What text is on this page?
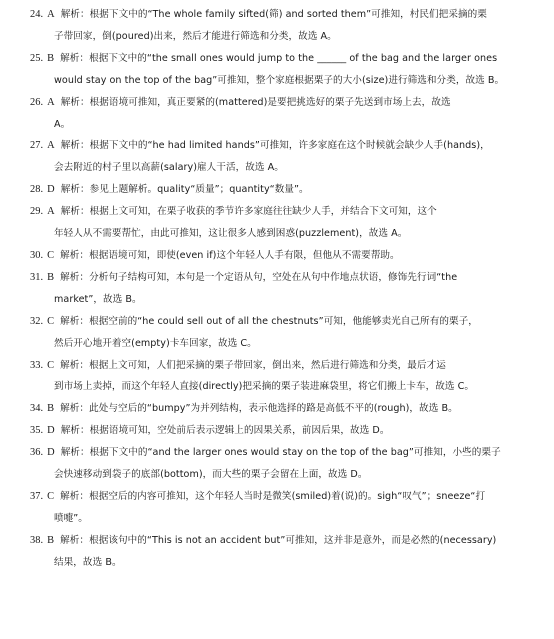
24. A 解析：根据下文中的“The whole family sifted(筛) and sorted them”可推知，村民们把采摘的栗
子带回家，倒(poured)出来，然后才能进行筛选和分类，故选 A。
25. B 解析：根据下文中的“the small ones would jump to the ______ of the bag and the larger ones
would stay on the top of the bag”可推知，整个家庭根据栗子的大小(size)进行筛选和分类，故选 B。
26. A 解析：根据语境可推知，真正要紧的(mattered)是要把挑选好的栗子先送到市场上去，故选
A。
27. A 解析：根据下文中的“he had limited hands”可推知，许多家庭在这个时候就会缺少人手(hands)，
会去附近的村子里以高薪(salary)雇人干活，故选 A。
28. D 解析：参见上题解析。quality“质量”；quantity“数量”。
29. A 解析：根据上文可知，在栗子收获的季节许多家庭往往缺少人手，并结合下文可知，这个
年轻人从不需要帮忙，由此可推知，这让很多人感到困惑(puzzlement)，故选 A。
30. C 解析：根据语境可知，即使(even if)这个年轻人人手有限，但他从不需要帮助。
31. B 解析：分析句子结构可知，本句是一个定语从句，空处在从句中作地点状语，修饰先行词“the
market”，故选 B。
32. C 解析：根据空前的“he could sell out of all the chestnuts”可知，他能够卖光自己所有的栗子，
然后开心地开着空(empty)卡车回家，故选 C。
33. C 解析：根据上文可知，人们把采摘的栗子带回家，倒出来，然后进行筛选和分类，最后才运
到市场上卖掉，而这个年轻人直接(directly)把采摘的栗子装进麻袋里，将它们搬上卡车，故选 C。
34. B 解析：此处与空后的“bumpy”为并列结构，表示他选择的路是高低不平的(rough)，故选 B。
35. D 解析：根据语境可知，空处前后表示逻辑上的因果关系，前因后果，故选 D。
36. D 解析：根据下文中的“and the larger ones would stay on the top of the bag”可推知，小些的栗子
会快速移动到袋子的底部(bottom)，而大些的栗子会留在上面，故选 D。
37. C 解析：根据空后的内容可推知，这个年轻人当时是微笑(smiled)着(说)的。sigh“叹气”；sneeze“打
喷嚏”。
38. B 解析：根据该句中的“This is not an accident but”可推知，这并非是意外，而是必然的(necessary)
结果，故选 B。
